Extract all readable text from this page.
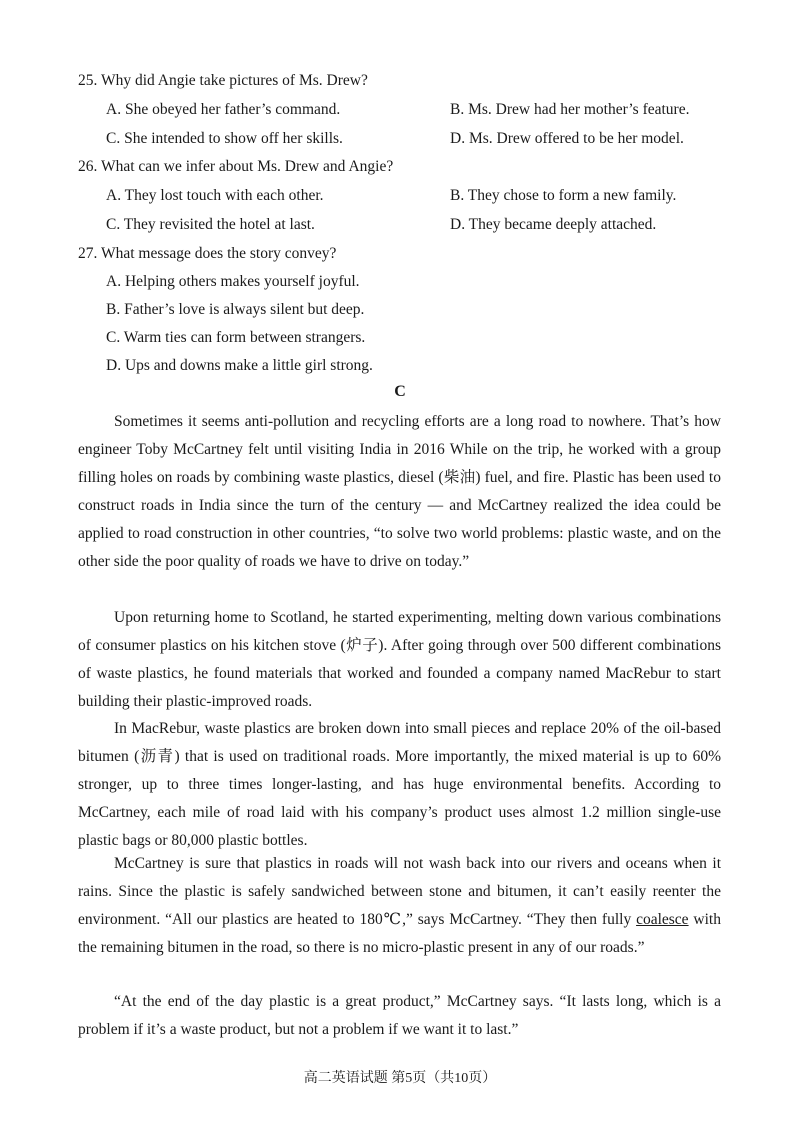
25. Why did Angie take pictures of Ms. Drew?
A. She obeyed her father’s command.	B. Ms. Drew had her mother’s feature.
C. She intended to show off her skills.	D. Ms. Drew offered to be her model.
26. What can we infer about Ms. Drew and Angie?
A. They lost touch with each other.	B. They chose to form a new family.
C. They revisited the hotel at last.	D. They became deeply attached.
27. What message does the story convey?
A. Helping others makes yourself joyful.
B. Father’s love is always silent but deep.
C. Warm ties can form between strangers.
D. Ups and downs make a little girl strong.
C

Sometimes it seems anti-pollution and recycling efforts are a long road to nowhere. That’s how engineer Toby McCartney felt until visiting India in 2016 While on the trip, he worked with a group filling holes on roads by combining waste plastics, diesel (柴油) fuel, and fire. Plastic has been used to construct roads in India since the turn of the century — and McCartney realized the idea could be applied to road construction in other countries, “to solve two world problems: plastic waste, and on the other side the poor quality of roads we have to drive on today.”

Upon returning home to Scotland, he started experimenting, melting down various combinations of consumer plastics on his kitchen stove (炉子). After going through over 500 different combinations of waste plastics, he found materials that worked and founded a company named MacRebur to start building their plastic-improved roads.

In MacRebur, waste plastics are broken down into small pieces and replace 20% of the oil-based bitumen (沥青) that is used on traditional roads. More importantly, the mixed material is up to 60% stronger, up to three times longer-lasting, and has huge environmental benefits. According to McCartney, each mile of road laid with his company’s product uses almost 1.2 million single-use plastic bags or 80,000 plastic bottles.

McCartney is sure that plastics in roads will not wash back into our rivers and oceans when it rains. Since the plastic is safely sandwiched between stone and bitumen, it can’t easily reenter the environment. “All our plastics are heated to 180℃,” says McCartney. “They then fully coalesce with the remaining bitumen in the road, so there is no micro-plastic present in any of our roads.”

“At the end of the day plastic is a great product,” McCartney says. “It lasts long, which is a problem if it’s a waste product, but not a problem if we want it to last.”

高二英语试题 第5页（共10页）
